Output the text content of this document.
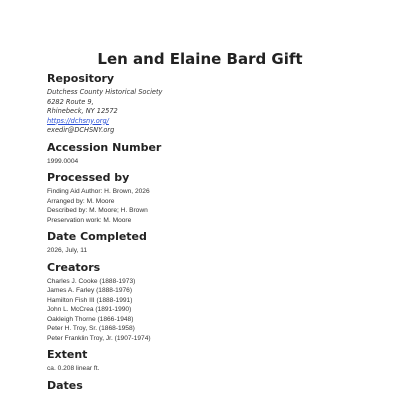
Len and Elaine Bard Gift
Repository
Dutchess County Historical Society
6282 Route 9,
Rhinebeck, NY 12572
https://dchsny.org/
exedir@DCHSNY.org
Accession Number
1999.0004
Processed by
Finding Aid Author: H. Brown, 2026
Arranged by: M. Moore
Described by: M. Moore; H. Brown
Preservation work: M. Moore
Date Completed
2026, July, 11
Creators
Charles J. Cooke (1888-1973)
James A. Farley (1888-1976)
Hamilton Fish III (1888-1991)
John L. McCrea (1891-1990)
Oakleigh Thorne (1866-1948)
Peter H. Troy, Sr. (1868-1958)
Peter Franklin Troy, Jr. (1907-1974)
Extent
ca. 0.208 linear ft.
Dates
